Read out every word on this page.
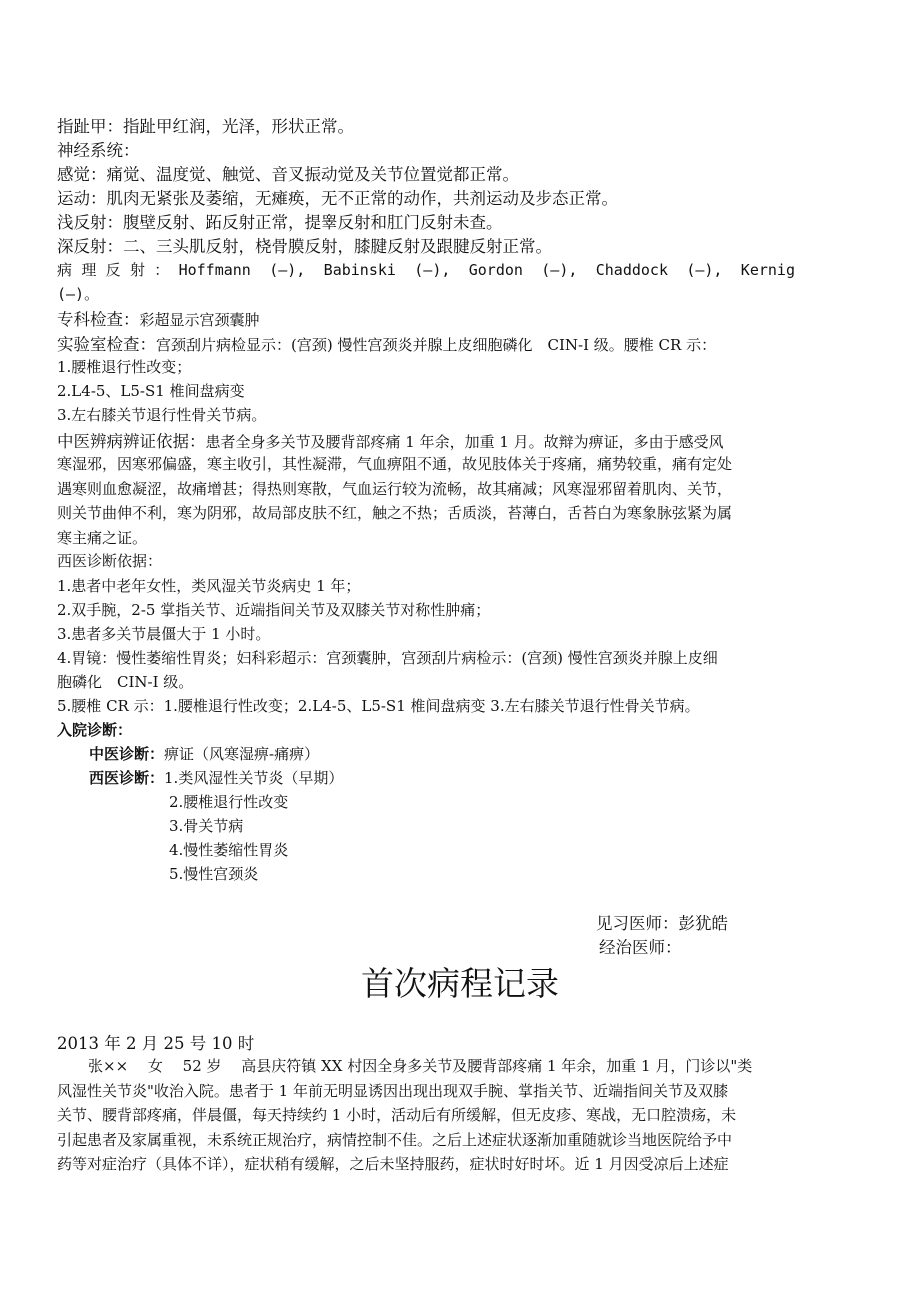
指趾甲：指趾甲红润，光泽，形状正常。
神经系统：
感觉：痛觉、温度觉、触觉、音叉振动觉及关节位置觉都正常。
运动：肌肉无紧张及萎缩，无瘫痪，无不正常的动作，共剂运动及步态正常。
浅反射：腹壁反射、跖反射正常，提睾反射和肛门反射未查。
深反射：二、三头肌反射，桡骨膜反射，膝腱反射及跟腱反射正常。
病理反射：Hoffmann (—), Babinski (—), Gordon (—), Chaddock (—), Kernig
(—)。
专科检查：彩超显示宫颈囊肿
实验室检查：宫颈刮片病检显示：(宫颈) 慢性宫颈炎并腺上皮细胞磷化　CIN-I 级。腰椎 CR 示：
1.腰椎退行性改变；
2.L4-5、L5-S1 椎间盘病变
3.左右膝关节退行性骨关节病。
中医辨病辨证依据：患者全身多关节及腰背部疼痛 1 年余，加重 1 月。故辩为痹证，多由于感受风
寒湿邪，因寒邪偏盛，寒主收引，其性凝滞，气血痹阻不通，故见肢体关于疼痛，痛势较重，痛有定处
遇寒则血愈凝涩，故痛增甚；得热则寒散，气血运行较为流畅，故其痛减；风寒湿邪留着肌肉、关节，
则关节曲伸不利，寒为阴邪，故局部皮肤不红，触之不热；舌质淡，苔薄白，舌苔白为寒象脉弦紧为属
寒主痛之证。
西医诊断依据：
1.患者中老年女性，类风湿关节炎病史 1 年；
2.双手腕，2-5 掌指关节、近端指间关节及双膝关节对称性肿痛；
3.患者多关节晨僵大于 1 小时。
4.胃镜：慢性萎缩性胃炎；妇科彩超示：宫颈囊肿，宫颈刮片病检示：(宫颈) 慢性宫颈炎并腺上皮细
胞磷化　CIN-I 级。
5.腰椎 CR 示：1.腰椎退行性改变；2.L4-5、L5-S1 椎间盘病变 3.左右膝关节退行性骨关节病。
入院诊断：
中医诊断：痹证（风寒湿痹-痛痹）
西医诊断：1.类风湿性关节炎（早期）
2.腰椎退行性改变
3.骨关节病
4.慢性萎缩性胃炎
5.慢性宫颈炎
见习医师：彭犹皓
经治医师：
首次病程记录
2013 年 2 月 25 号 10 时
张××　 女　 52 岁　 高县庆符镇 XX 村因全身多关节及腰背部疼痛 1 年余，加重 1 月，门诊以"类
风湿性关节炎"收治入院。患者于 1 年前无明显诱因出现出现双手腕、掌指关节、近端指间关节及双膝
关节、腰背部疼痛，伴晨僵，每天持续约 1 小时，活动后有所缓解，但无皮疹、寒战，无口腔溃疡，未
引起患者及家属重视，未系统正规治疗，病情控制不佳。之后上述症状逐渐加重随就诊当地医院给予中
药等对症治疗（具体不详），症状稍有缓解，之后未坚持服药，症状时好时坏。近 1 月因受凉后上述症
